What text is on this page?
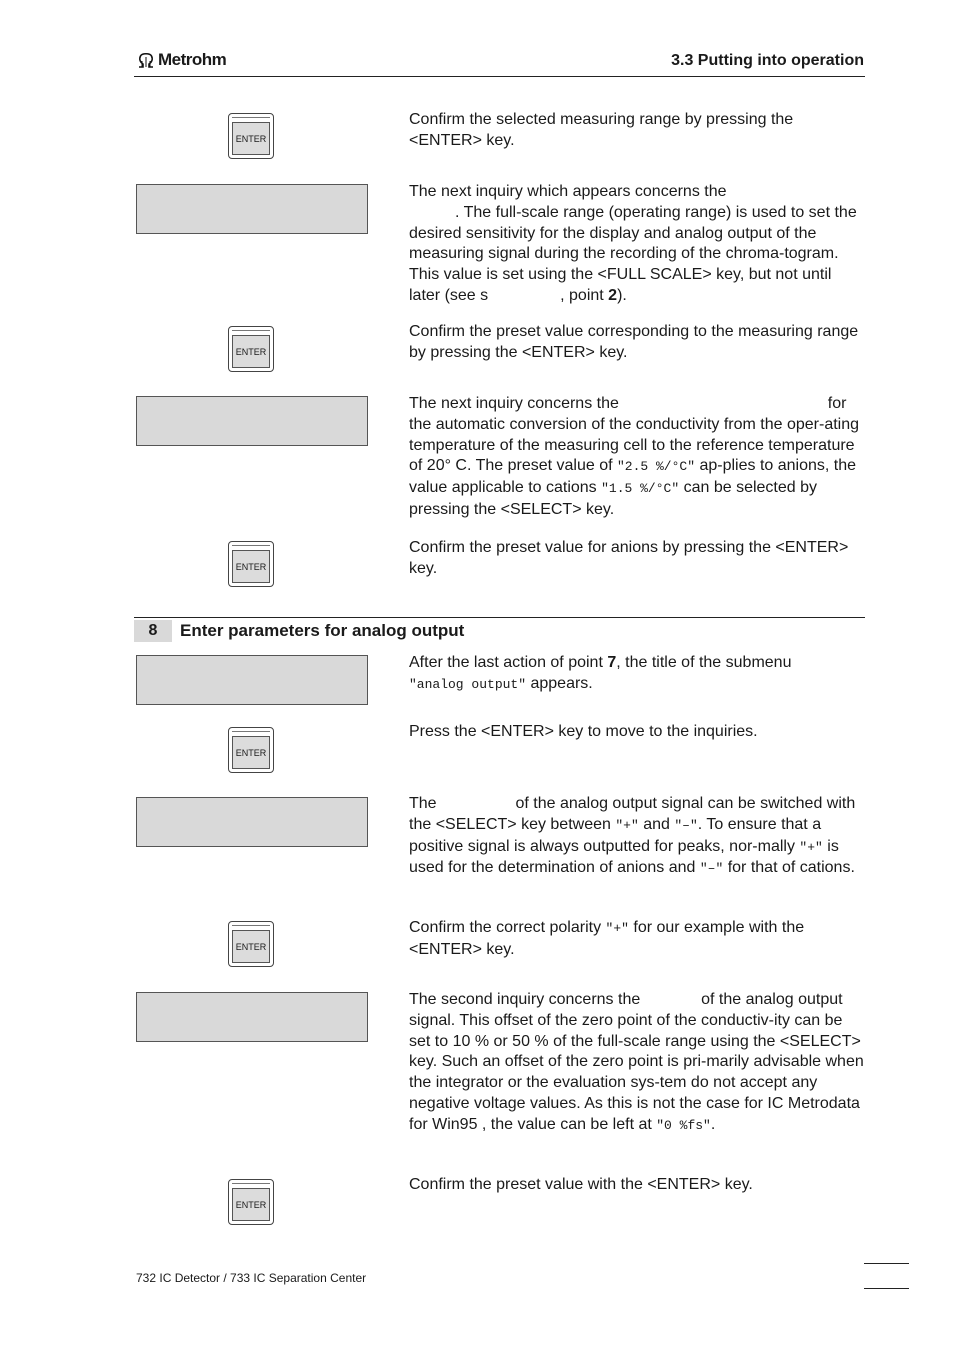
Metrohm	3.3 Putting into operation
ENTER

Confirm the selected measuring range by pressing the <ENTER> key.

The next inquiry which appears concerns the
. The full-scale range (operating range) is used to set the desired sensitivity for the display and analog output of the measuring signal during the recording of the chroma-togram. This value is set using the <FULL SCALE> key, but not until later (see s	, point 2).

ENTER

Confirm the preset value corresponding to the measuring range by pressing the <ENTER> key.

The next inquiry concerns the	for the automatic conversion of the conductivity from the oper-ating temperature of the measuring cell to the reference temperature of 20° C. The preset value of "2.5 %/°C" ap-plies to anions, the value applicable to cations "1.5 %/°C" can be selected by pressing the <SELECT> key.

ENTER

Confirm the preset value for anions by pressing the <ENTER> key.

8	Enter parameters for analog output

After the last action of point 7, the title of the submenu
"analog output" appears.

ENTER

Press the <ENTER> key to move to the inquiries.

The	of the analog output signal can be switched with the <SELECT> key between "+" and "–". To ensure that a positive signal is always outputted for peaks, nor-mally "+" is used for the determination of anions and "–" for that of cations.

ENTER

Confirm the correct polarity "+" for our example with the <ENTER> key.

The second inquiry concerns the	of the analog output signal. This offset of the zero point of the conductiv-ity can be set to 10 % or 50 % of the full-scale range using the <SELECT> key. Such an offset of the zero point is pri-marily advisable when the integrator or the evaluation sys-tem do not accept any negative voltage values. As this is not the case for IC Metrodata for Win95 , the value can be left at "0 %fs".

ENTER

Confirm the preset value with the <ENTER> key.

732 IC Detector / 733 IC Separation Center
